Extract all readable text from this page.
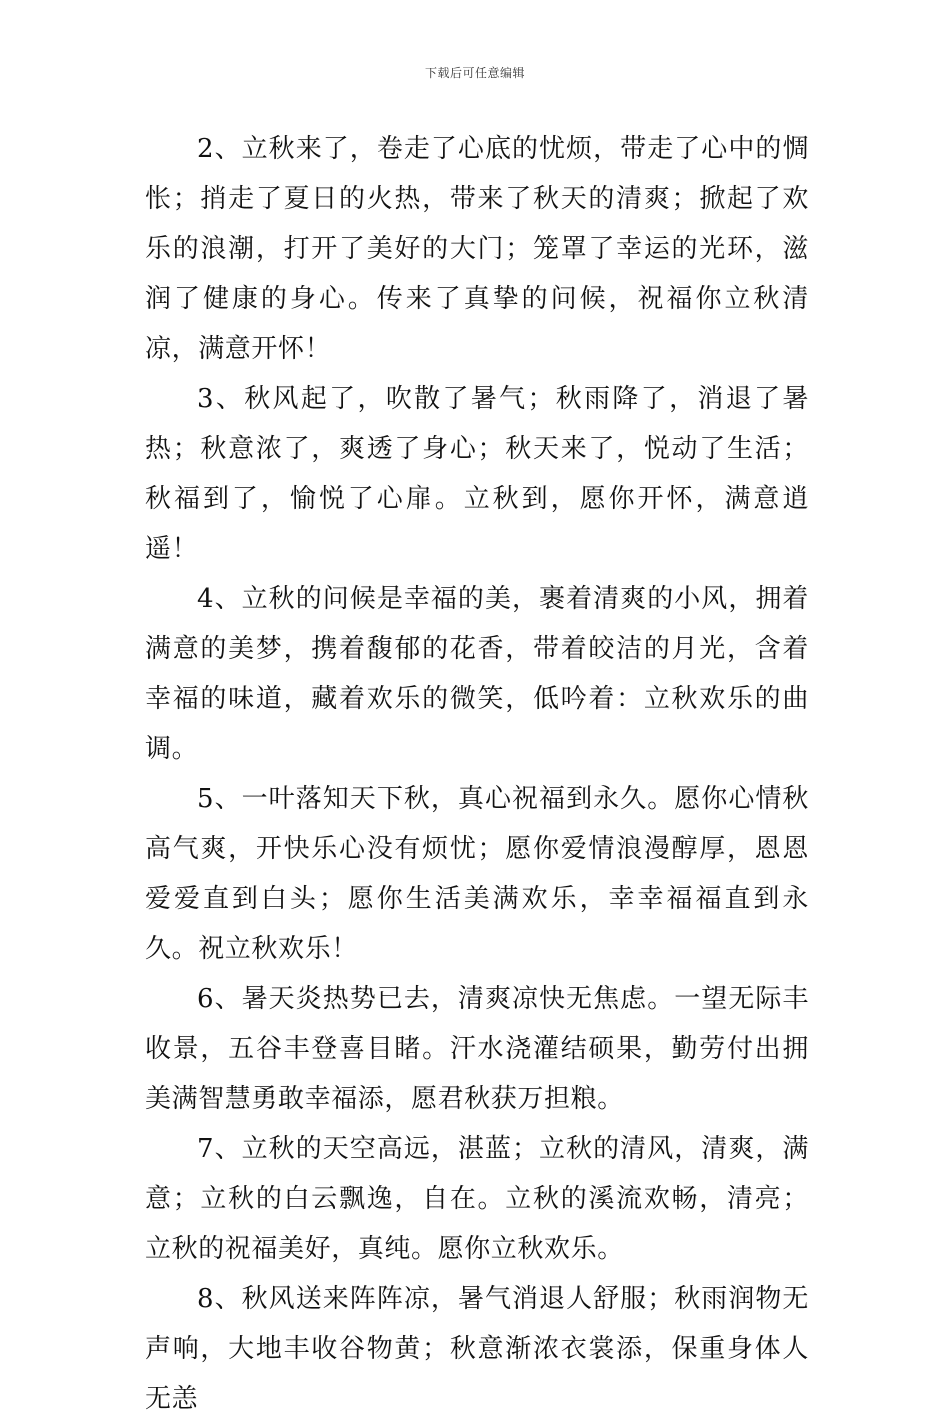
下载后可任意编辑

2、立秋来了，卷走了心底的忧烦，带走了心中的惆怅；捎走了夏日的火热，带来了秋天的清爽；掀起了欢乐的浪潮，打开了美好的大门；笼罩了幸运的光环，滋润了健康的身心。传来了真挚的问候，祝福你立秋清凉，满意开怀！

3、秋风起了，吹散了暑气；秋雨降了，消退了暑热；秋意浓了，爽透了身心；秋天来了，悦动了生活；秋福到了，愉悦了心扉。立秋到，愿你开怀，满意逍遥！

4、立秋的问候是幸福的美，裹着清爽的小风，拥着满意的美梦，携着馥郁的花香，带着皎洁的月光，含着幸福的味道，藏着欢乐的微笑，低吟着：立秋欢乐的曲调。

5、一叶落知天下秋，真心祝福到永久。愿你心情秋高气爽，开快乐心没有烦忧；愿你爱情浪漫醇厚，恩恩爱爱直到白头；愿你生活美满欢乐，幸幸福福直到永久。祝立秋欢乐！

6、暑天炎热势已去，清爽凉快无焦虑。一望无际丰收景，五谷丰登喜目睹。汗水浇灌结硕果，勤劳付出拥美满智慧勇敢幸福添，愿君秋获万担粮。

7、立秋的天空高远，湛蓝；立秋的清风，清爽，满意；立秋的白云飘逸，自在。立秋的溪流欢畅，清亮；立秋的祝福美好，真纯。愿你立秋欢乐。

8、秋风送来阵阵凉，暑气消退人舒服；秋雨润物无声响，大地丰收谷物黄；秋意渐浓衣裳添，保重身体人无恙
